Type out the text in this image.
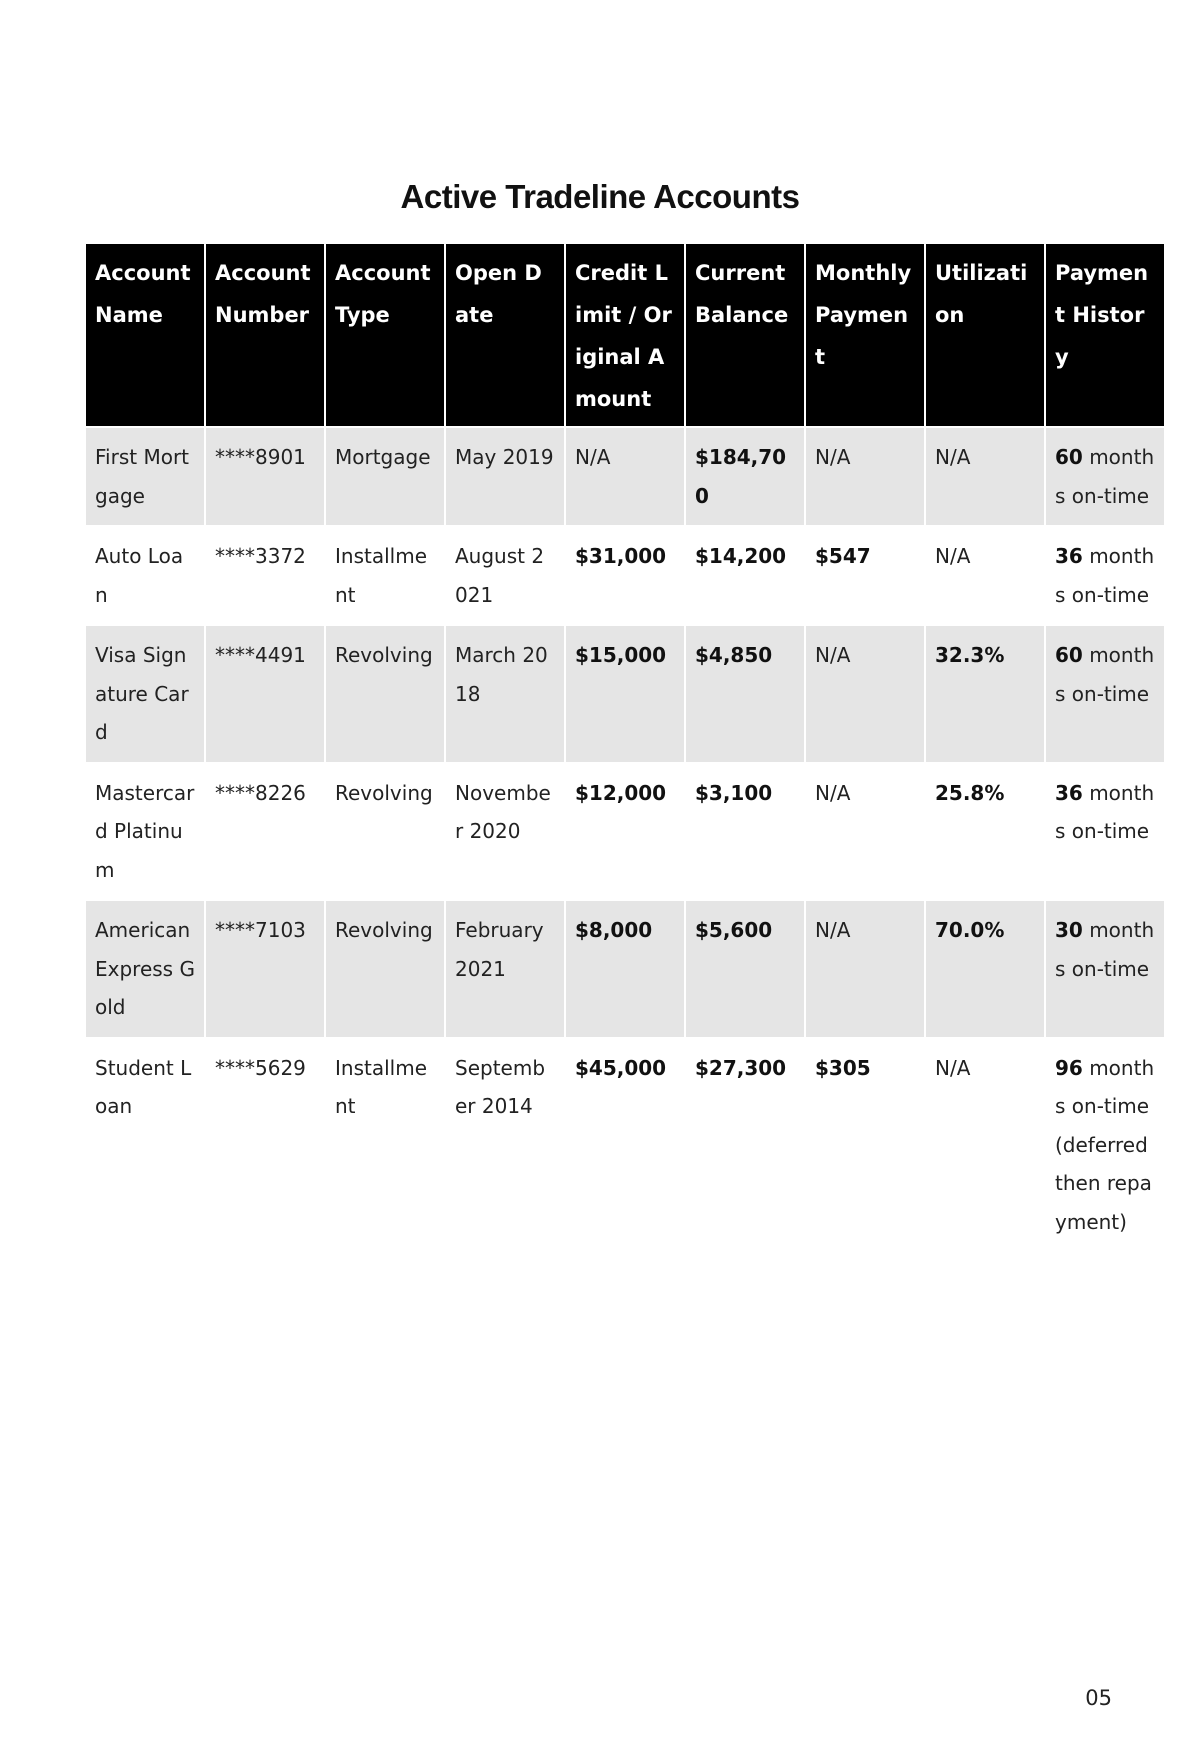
Active Tradeline Accounts
Account Name	Account Number	Account Type	Open Date	Credit Limit / Original Amount	Current Balance	Monthly Payment	Utilization	Payment History
First Mortgage	****8901	Mortgage	May 2019	N/A	$184,700	N/A	N/A	60 months on-time
Auto Loan	****3372	Installment	August 2021	$31,000	$14,200	$547	N/A	36 months on-time
Visa Signature Card	****4491	Revolving	March 2018	$15,000	$4,850	N/A	32.3%	60 months on-time
Mastercard Platinum	****8226	Revolving	November 2020	$12,000	$3,100	N/A	25.8%	36 months on-time
American Express Gold	****7103	Revolving	February 2021	$8,000	$5,600	N/A	70.0%	30 months on-time
Student Loan	****5629	Installment	September 2014	$45,000	$27,300	$305	N/A	96 months on-time (deferred then repayment)
05
